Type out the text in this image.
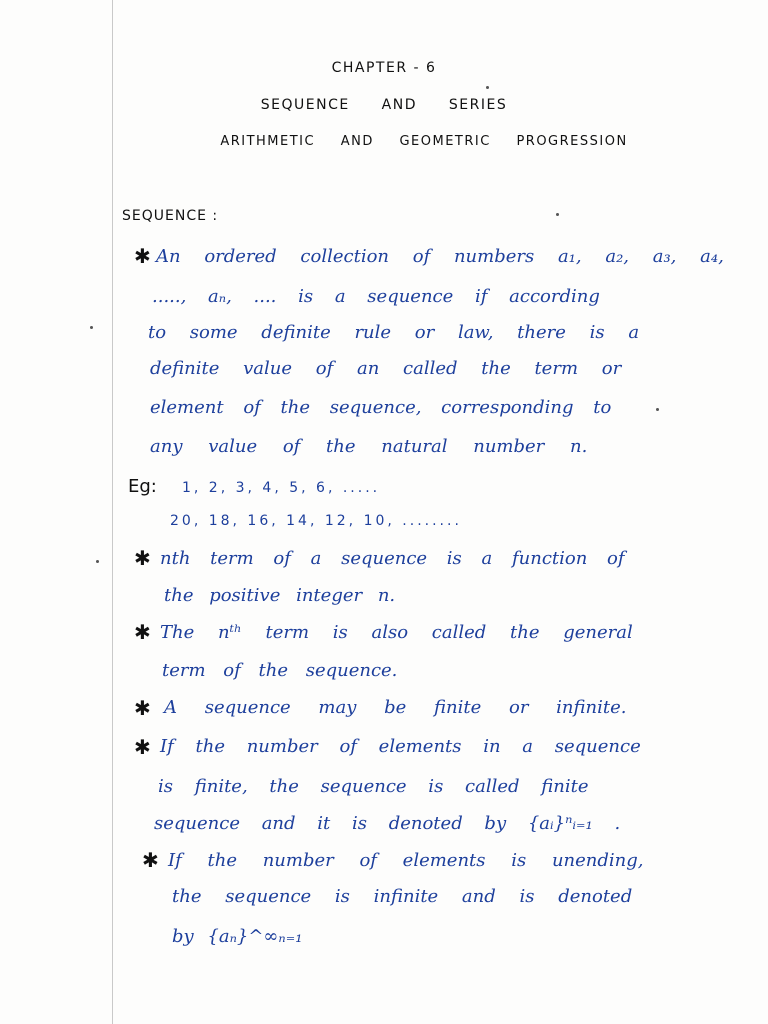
CHAPTER - 6
SEQUENCE AND SERIES
ARITHMETIC AND GEOMETRIC PROGRESSION
SEQUENCE :
✱ An ordered collection of numbers a₁, a₂, a₃, a₄,
....., aₙ, .... is a sequence if according
to some definite rule or law, there is a
definite value of an called the term or
element of the sequence, corresponding to
any value of the natural number n.
Eg: 1, 2, 3, 4, 5, 6, .....
20, 18, 16, 14, 12, 10, ........
✱ nth term of a sequence is a function of
the positive integer n.
✱ The nᵗʰ term is also called the general
term of the sequence.
✱ A sequence may be finite or infinite.
✱ If the number of elements in a sequence
is finite, the sequence is called finite
sequence and it is denoted by {aᵢ}ⁿᵢ₌₁ .
✱ If the number of elements is unending,
the sequence is infinite and is denoted
by {aₙ}^∞ₙ₌₁
